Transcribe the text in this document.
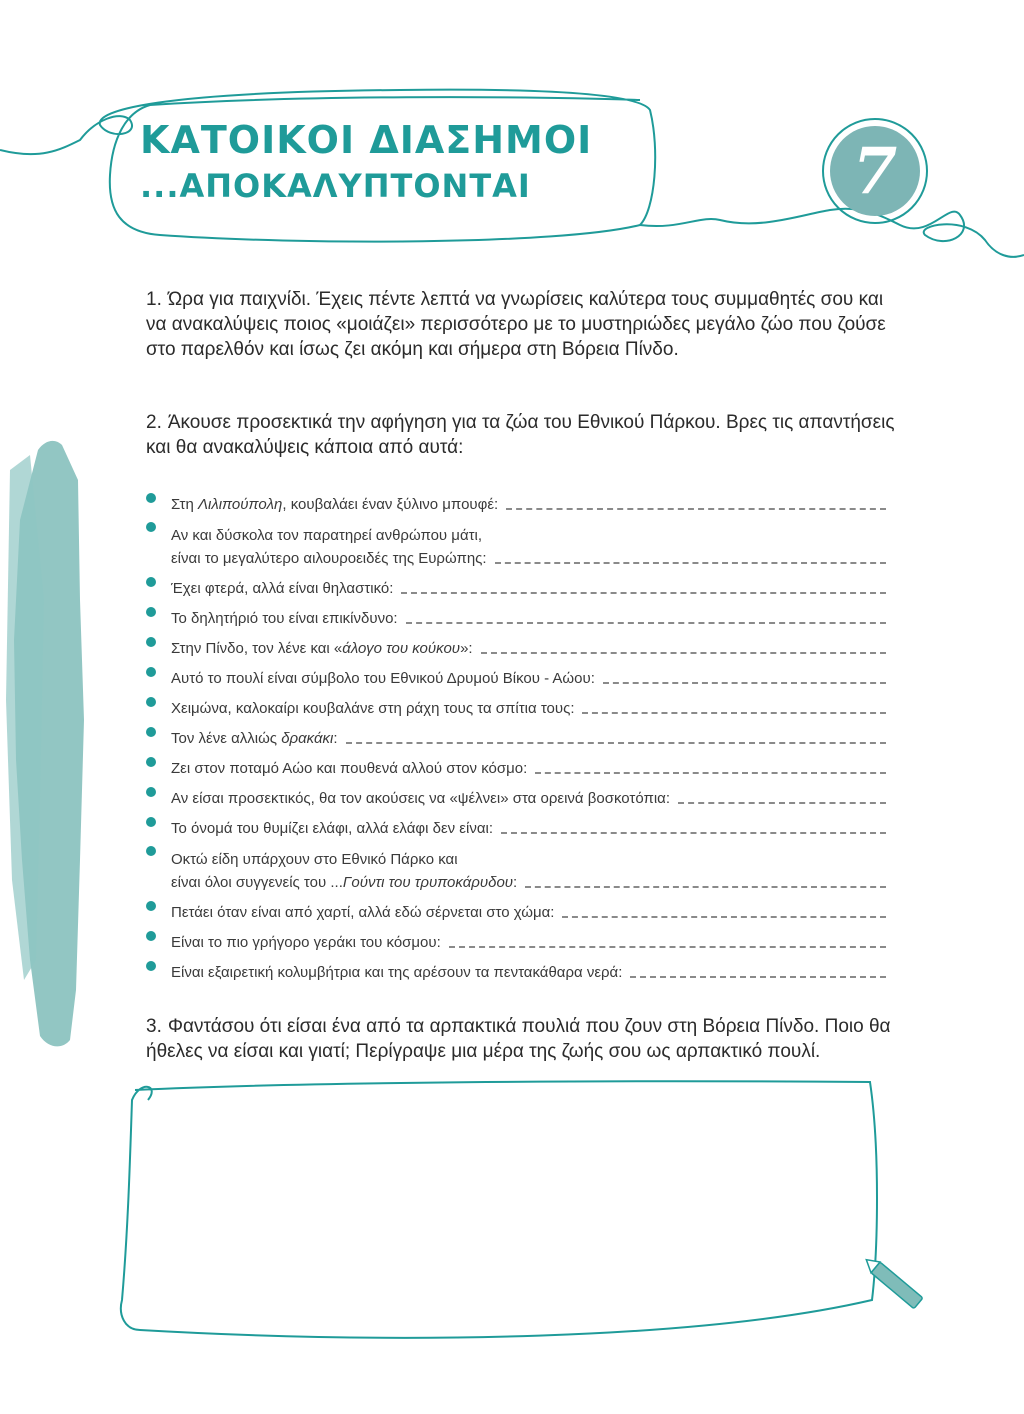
ΚΑΤΟΙΚΟΙ ΔΙΑΣΗΜΟΙ
...ΑΠΟΚΑΛΥΠΤΟΝΤΑΙ	7
1. Ώρα για παιχνίδι. Έχεις πέντε λεπτά να γνωρίσεις καλύτερα τους συμμαθητές σου και να ανακαλύψεις ποιος «μοιάζει» περισσότερο με το μυστηριώδες μεγάλο ζώο που ζούσε στο παρελθόν και ίσως ζει ακόμη και σήμερα στη Βόρεια Πίνδο.
2. Άκουσε προσεκτικά την αφήγηση για τα ζώα του Εθνικού Πάρκου. Βρες τις απαντήσεις και θα ανακαλύψεις κάποια από αυτά:
Στη Λιλιπούπολη, κουβαλάει έναν ξύλινο μπουφέ:
Αν και δύσκολα τον παρατηρεί ανθρώπου μάτι,
είναι το μεγαλύτερο αιλουροειδές της Ευρώπης:
Έχει φτερά, αλλά είναι θηλαστικό:
Το δηλητήριό του είναι επικίνδυνο:
Στην Πίνδο, τον λένε και «άλογο του κούκου»:
Αυτό το πουλί είναι σύμβολο του Εθνικού Δρυμού Βίκου - Αώου:
Χειμώνα, καλοκαίρι κουβαλάνε στη ράχη τους τα σπίτια τους:
Τον λένε αλλιώς δρακάκι:
Ζει στον ποταμό Αώο και πουθενά αλλού στον κόσμο:
Αν είσαι προσεκτικός, θα τον ακούσεις να «ψέλνει» στα ορεινά βοσκοτόπια:
Το όνομά του θυμίζει ελάφι, αλλά ελάφι δεν είναι:
Οκτώ είδη υπάρχουν στο Εθνικό Πάρκο και
είναι όλοι συγγενείς του ...Γούντι του τρυποκάρυδου:
Πετάει όταν είναι από χαρτί, αλλά εδώ σέρνεται στο χώμα:
Είναι το πιο γρήγορο γεράκι του κόσμου:
Είναι εξαιρετική κολυμβήτρια και της αρέσουν τα πεντακάθαρα νερά:
3. Φαντάσου ότι είσαι ένα από τα αρπακτικά πουλιά που ζουν στη Βόρεια Πίνδο. Ποιο θα ήθελες να είσαι και γιατί; Περίγραψε μια μέρα της ζωής σου ως αρπακτικό πουλί.
